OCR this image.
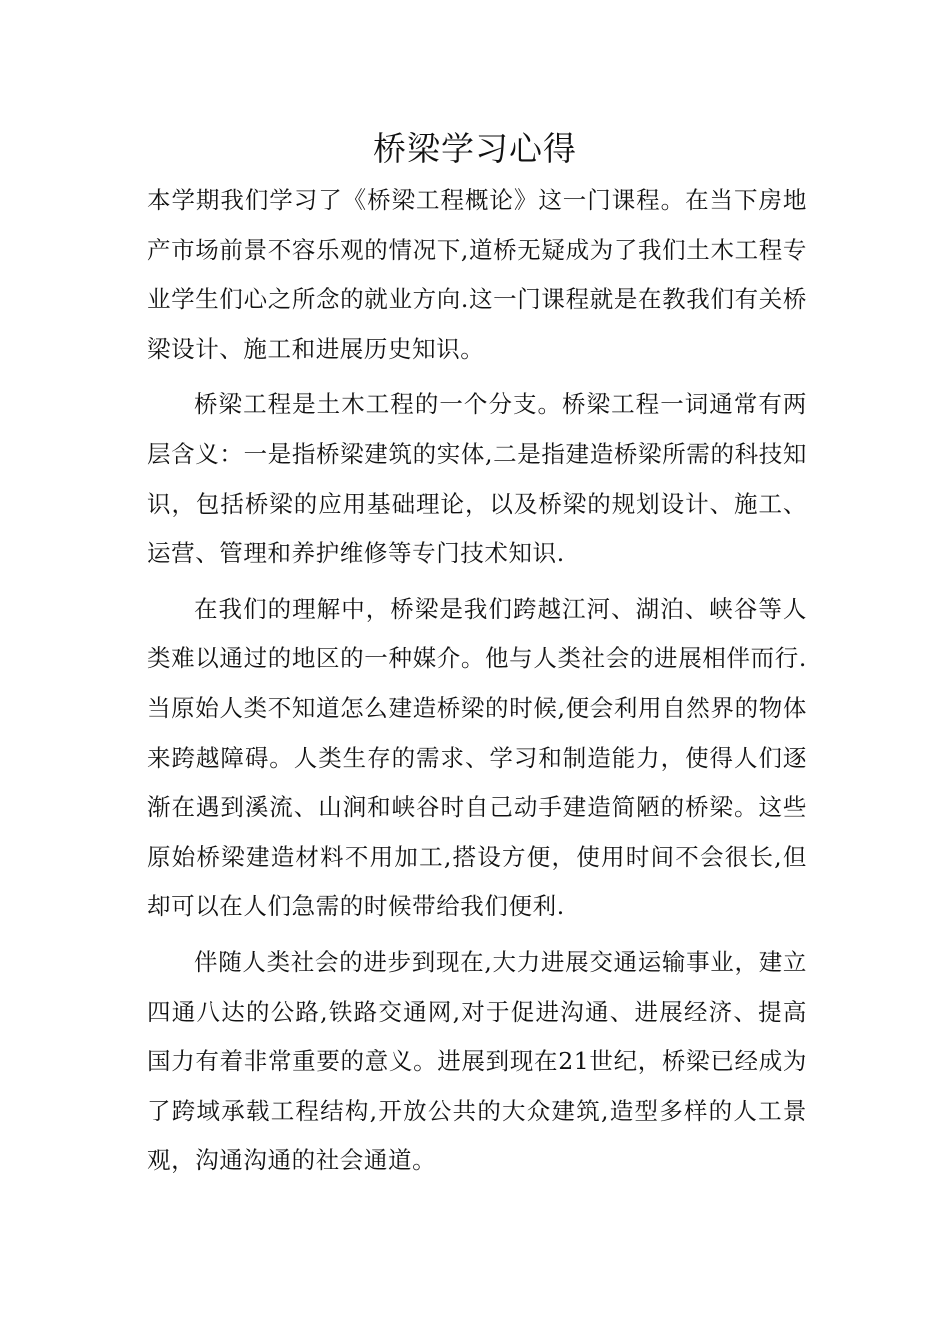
桥梁学习心得

本学期我们学习了《桥梁工程概论》这一门课程。在当下房地产市场前景不容乐观的情况下,道桥无疑成为了我们土木工程专业学生们心之所念的就业方向.这一门课程就是在教我们有关桥梁设计、施工和进展历史知识。

桥梁工程是土木工程的一个分支。桥梁工程一词通常有两层含义：一是指桥梁建筑的实体,二是指建造桥梁所需的科技知识，包括桥梁的应用基础理论，以及桥梁的规划设计、施工、运营、管理和养护维修等专门技术知识.

在我们的理解中，桥梁是我们跨越江河、湖泊、峡谷等人类难以通过的地区的一种媒介。他与人类社会的进展相伴而行.当原始人类不知道怎么建造桥梁的时候,便会利用自然界的物体来跨越障碍。人类生存的需求、学习和制造能力，使得人们逐渐在遇到溪流、山涧和峡谷时自己动手建造简陋的桥梁。这些原始桥梁建造材料不用加工,搭设方便，使用时间不会很长,但却可以在人们急需的时候带给我们便利.

伴随人类社会的进步到现在,大力进展交通运输事业，建立四通八达的公路,铁路交通网,对于促进沟通、进展经济、提高国力有着非常重要的意义。进展到现在21世纪，桥梁已经成为了跨域承载工程结构,开放公共的大众建筑,造型多样的人工景观，沟通沟通的社会通道。
